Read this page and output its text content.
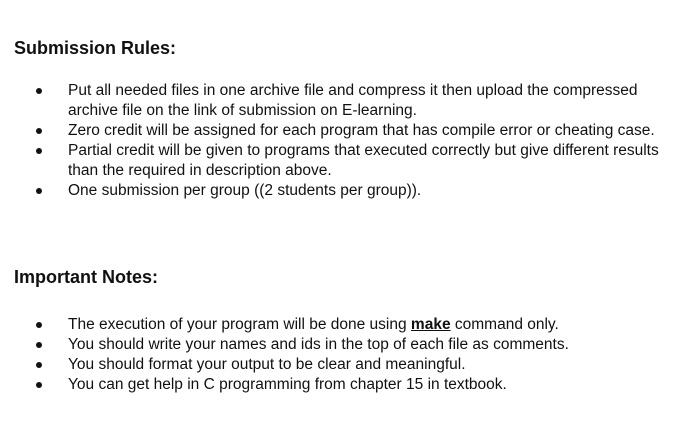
Submission Rules:
Put all needed files in one archive file and compress it then upload the compressed archive file on the link of submission on E-learning.
Zero credit will be assigned for each program that has compile error or cheating case.
Partial credit will be given to programs that executed correctly but give different results than the required in description above.
One submission per group ((2 students per group)).
Important Notes:
The execution of your program will be done using make command only.
You should write your names and ids in the top of each file as comments.
You should format your output to be clear and meaningful.
You can get help in C programming from chapter 15 in textbook.
